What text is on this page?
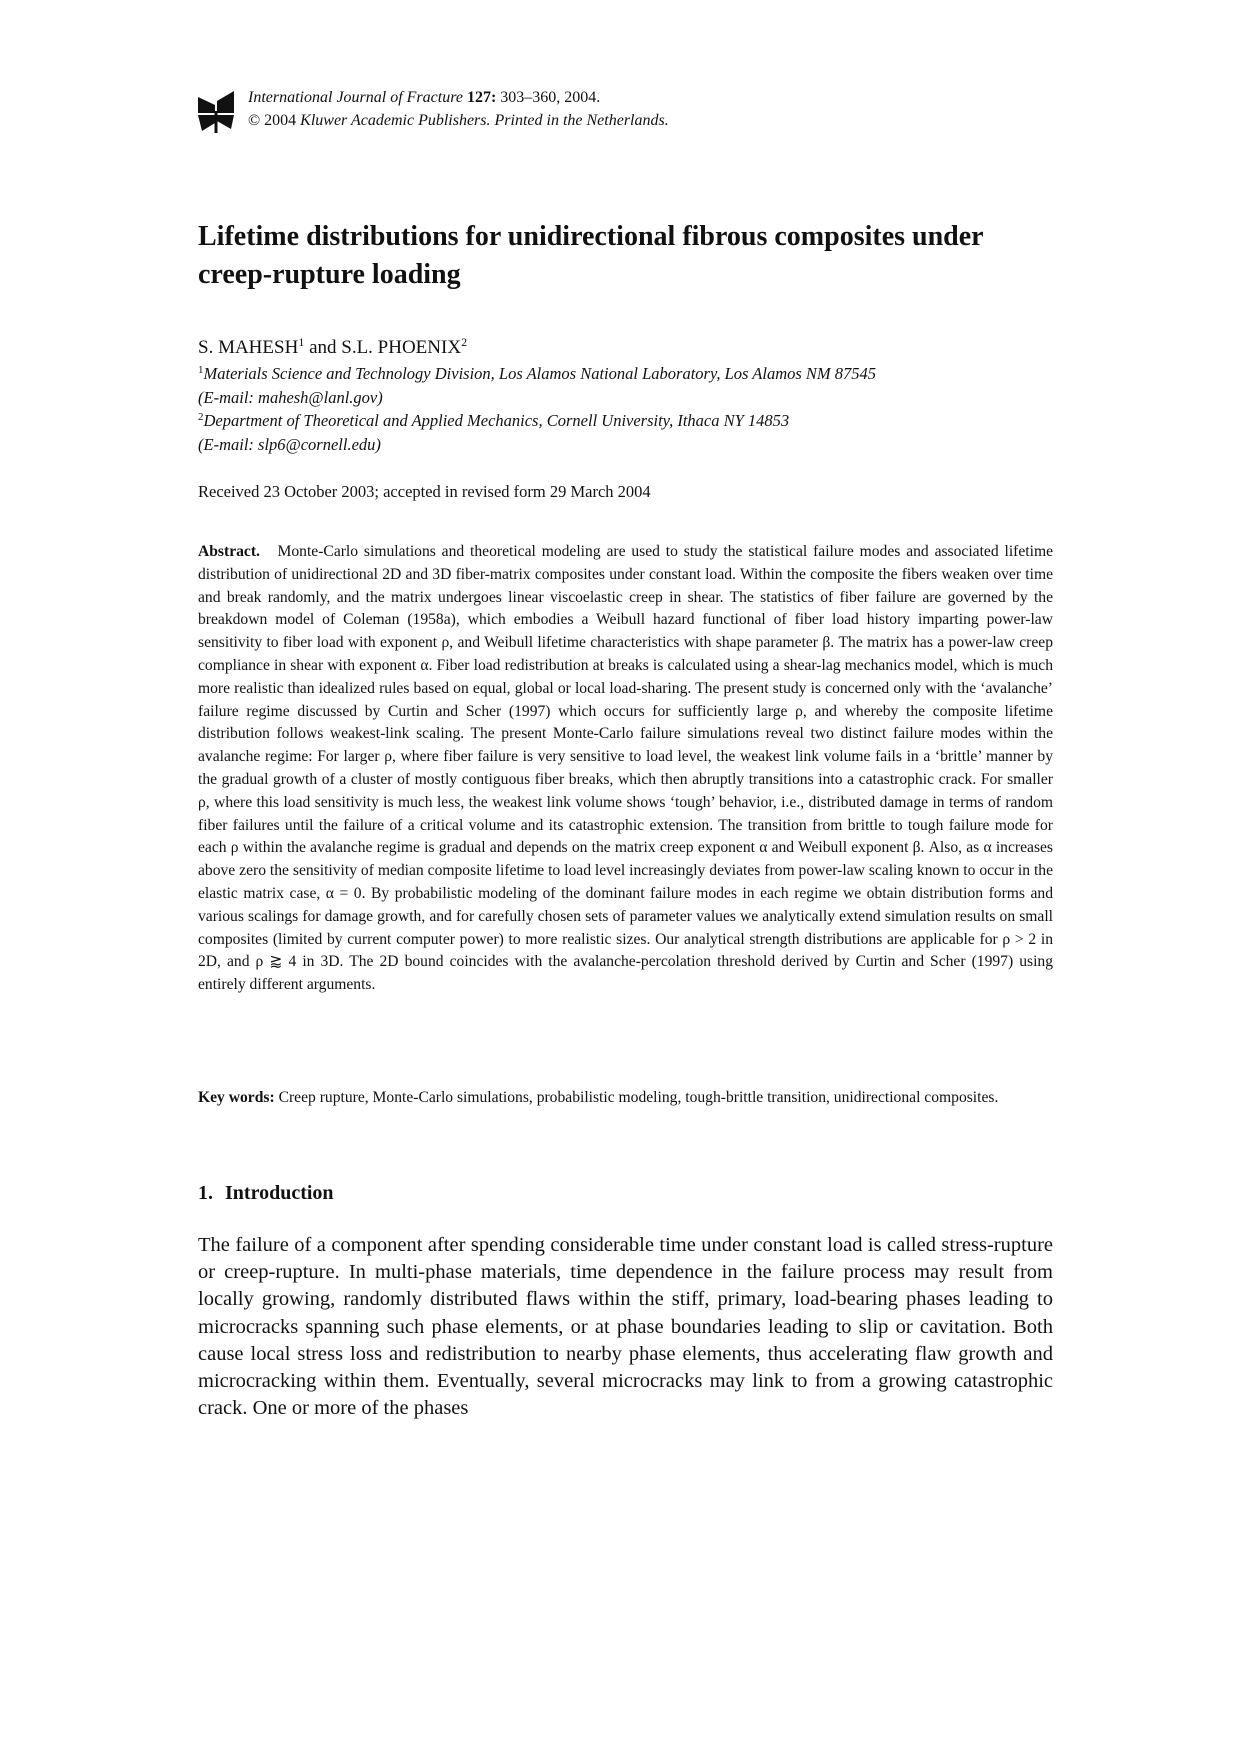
International Journal of Fracture 127: 303–360, 2004.
© 2004 Kluwer Academic Publishers. Printed in the Netherlands.
Lifetime distributions for unidirectional fibrous composites under creep-rupture loading
S. MAHESH$^1$ and S.L. PHOENIX$^2$
$^1$Materials Science and Technology Division, Los Alamos National Laboratory, Los Alamos NM 87545
(E-mail: mahesh@lanl.gov)
$^2$Department of Theoretical and Applied Mechanics, Cornell University, Ithaca NY 14853
(E-mail: slp6@cornell.edu)
Received 23 October 2003; accepted in revised form 29 March 2004

Abstract. Monte-Carlo simulations and theoretical modeling are used to study the statistical failure modes and associated lifetime distribution of unidirectional 2D and 3D fiber-matrix composites under constant load. Within the composite the fibers weaken over time and break randomly, and the matrix undergoes linear viscoelastic creep in shear. The statistics of fiber failure are governed by the breakdown model of Coleman (1958a), which embodies a Weibull hazard functional of fiber load history imparting power-law sensitivity to fiber load with exponent ρ, and Weibull lifetime characteristics with shape parameter β. The matrix has a power-law creep compliance in shear with exponent α. Fiber load redistribution at breaks is calculated using a shear-lag mechanics model, which is much more realistic than idealized rules based on equal, global or local load-sharing. The present study is concerned only with the ‘avalanche’ failure regime discussed by Curtin and Scher (1997) which occurs for sufficiently large ρ, and whereby the composite lifetime distribution follows weakest-link scaling. The present Monte-Carlo failure simulations reveal two distinct failure modes within the avalanche regime: For larger ρ, where fiber failure is very sensitive to load level, the weakest link volume fails in a ‘brittle’ manner by the gradual growth of a cluster of mostly contiguous fiber breaks, which then abruptly transitions into a catastrophic crack. For smaller ρ, where this load sensitivity is much less, the weakest link volume shows ‘tough’ behavior, i.e., distributed damage in terms of random fiber failures until the failure of a critical volume and its catastrophic extension. The transition from brittle to tough failure mode for each ρ within the avalanche regime is gradual and depends on the matrix creep exponent α and Weibull exponent β. Also, as α increases above zero the sensitivity of median composite lifetime to load level increasingly deviates from power-law scaling known to occur in the elastic matrix case, α = 0. By probabilistic modeling of the dominant failure modes in each regime we obtain distribution forms and various scalings for damage growth, and for carefully chosen sets of parameter values we analytically extend simulation results on small composites (limited by current computer power) to more realistic sizes. Our analytical strength distributions are applicable for ρ > 2 in 2D, and ρ ⪆ 4 in 3D. The 2D bound coincides with the avalanche-percolation threshold derived by Curtin and Scher (1997) using entirely different arguments.

Key words: Creep rupture, Monte-Carlo simulations, probabilistic modeling, tough-brittle transition, unidirectional composites.

1. Introduction

The failure of a component after spending considerable time under constant load is called stress-rupture or creep-rupture. In multi-phase materials, time dependence in the failure process may result from locally growing, randomly distributed flaws within the stiff, primary, load-bearing phases leading to microcracks spanning such phase elements, or at phase boundaries leading to slip or cavitation. Both cause local stress loss and redistribution to nearby phase elements, thus accelerating flaw growth and microcracking within them. Eventually, several microcracks may link to from a growing catastrophic crack. One or more of the phases
